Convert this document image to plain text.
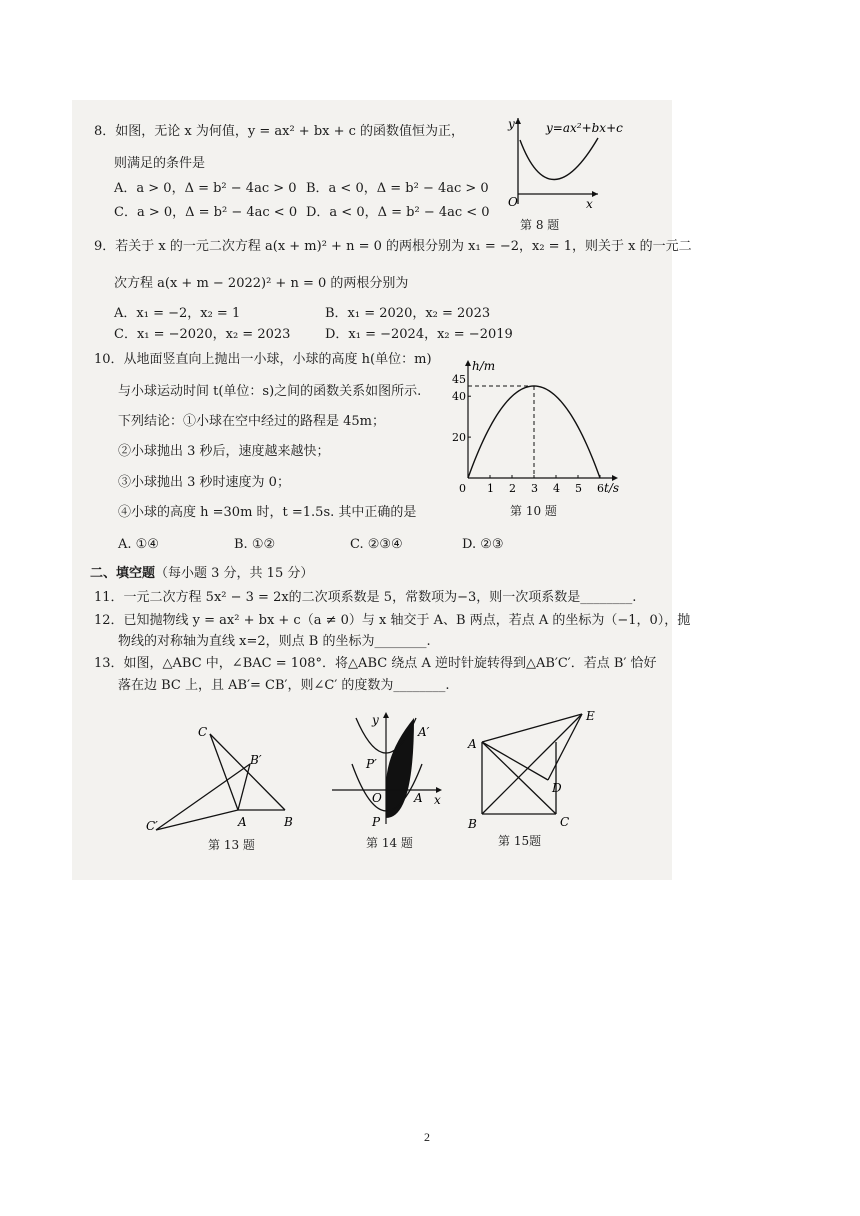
8．如图，无论 x 为何值，y = ax² + bx + c 的函数值恒为正，
则满足的条件是
A．a > 0，Δ = b² − 4ac > 0 B．a < 0，Δ = b² − 4ac > 0
C．a > 0，Δ = b² − 4ac < 0 D．a < 0，Δ = b² − 4ac < 0
y	y=ax²+bx+c
O	x
第 8 题
9．若关于 x 的一元二次方程 a(x + m)² + n = 0 的两根分别为 x₁ = −2，x₂ = 1，则关于 x 的一元二
次方程 a(x + m − 2022)² + n = 0 的两根分别为
A．x₁ = −2，x₂ = 1	B．x₁ = 2020，x₂ = 2023
C．x₁ = −2020，x₂ = 2023	D．x₁ = −2024，x₂ = −2019
10．从地面竖直向上抛出一小球，小球的高度 h(单位：m)
与小球运动时间 t(单位：s)之间的函数关系如图所示.
下列结论：①小球在空中经过的路程是 45m；
②小球抛出 3 秒后，速度越来越快；
③小球抛出 3 秒时速度为 0；
④小球的高度 h =30m 时，t =1.5s. 其中正确的是
A. ①④	B. ①②	C. ②③④	D. ②③
h/m
t/s
0 1 2 3 4 5 6
45
40
20
第 10 题
二、填空题（每小题 3 分，共 15 分）
11．一元二次方程 5x² − 3 = 2x的二次项系数是 5，常数项为−3，则一次项系数是________.
12．已知抛物线 y = ax² + bx + c（a ≠ 0）与 x 轴交于 A、B 两点，若点 A 的坐标为（−1，0），抛
物线的对称轴为直线 x=2，则点 B 的坐标为________.
13．如图，△ABC 中，∠BAC = 108°．将△ABC 绕点 A 逆时针旋转得到△AB′C′．若点 B′ 恰好
落在边 BC 上，且 AB′= CB′，则∠C′ 的度数为________.
C
B′
C′	A	B
第 13 题
y
A′
P′
O	A x
P
第 14 题
E
A
D
B	C
第 15题
2
